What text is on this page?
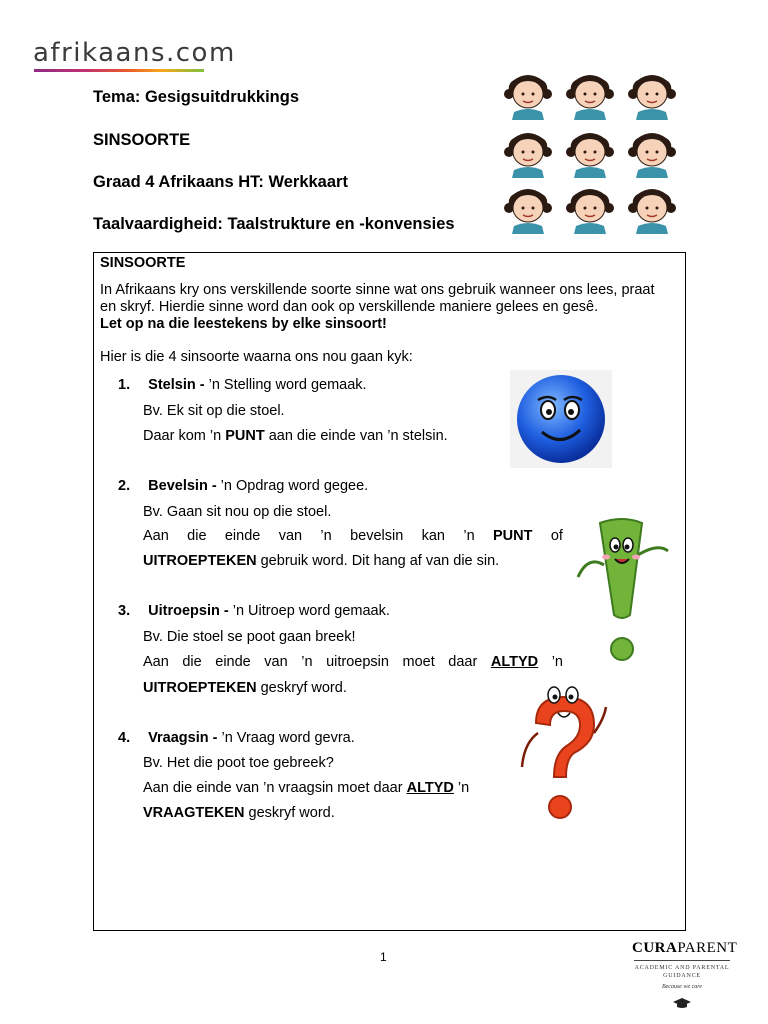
afrikaans.com
Tema: Gesigsuitdrukkings
SINSOORTE
Graad 4 Afrikaans HT: Werkkaart
Taalvaardigheid: Taalstrukture en -konvensies
SINSOORTE
In Afrikaans kry ons verskillende soorte sinne wat ons gebruik wanneer ons lees, praat
en skryf. Hierdie sinne word dan ook op verskillende maniere gelees en gesê.
Let op na die leestekens by elke sinsoort!
Hier is die 4 sinsoorte waarna ons nou gaan kyk:
1. Stelsin - ’n Stelling word gemaak.
Bv. Ek sit op die stoel.
Daar kom ’n PUNT aan die einde van ’n stelsin.
2. Bevelsin - ’n Opdrag word gegee.
Bv. Gaan sit nou op die stoel.
Aan die einde van ’n bevelsin kan ’n PUNT of
UITROEPTEKEN gebruik word. Dit hang af van die sin.
3. Uitroepsin - ’n Uitroep word gemaak.
Bv. Die stoel se poot gaan breek!
Aan die einde van ’n uitroepsin moet daar ALTYD ’n
UITROEPTEKEN geskryf word.
4. Vraagsin - ’n Vraag word gevra.
Bv. Het die poot toe gebreek?
Aan die einde van ’n vraagsin moet daar ALTYD ’n
VRAAGTEKEN geskryf word.
1
CURAPARENT
ACADEMIC AND PARENTAL GUIDANCE
Because we care
